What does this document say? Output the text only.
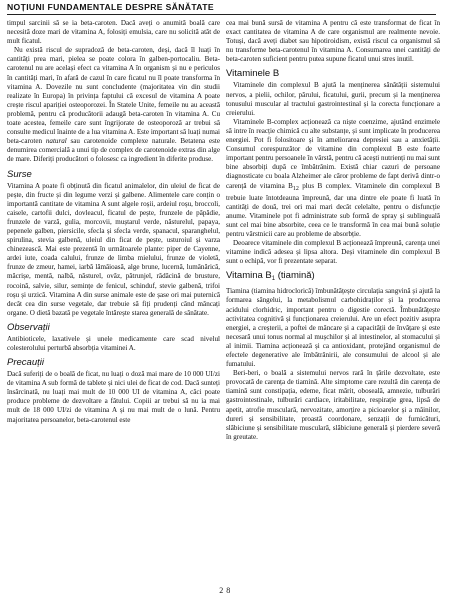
NOȚIUNI FUNDAMENTALE DESPRE SĂNĂTATE

timpul sarcinii să se ia beta-caroten. Dacă aveți o anumită boală care necesită doze mari de vitamina A, folosiți emulsia, care nu solicită atât de mult ficatul.

Nu există riscul de supradoză de beta-caroten, deși, dacă îl luați în cantități prea mari, pielea se poate colora în galben-portocaliu. Beta-carotenul nu are același efect ca vitamina A în organism și nu e periculos în cantități mari, în afară de cazul în care ficatul nu îl poate transforma în vitamina A. Dovezile nu sunt concludente (majoritatea vin din studii realizate în Europa) în privința faptului că excesul de vitamina A poate crește riscul apariției osteoporozei. În Statele Unite, femeile nu au această problemă, pentru că producătorii adaugă beta-caroten în vitamina A. Cu toate acestea, femeile care sunt îngrijorate de osteoporoză ar trebui să consulte medicul înainte de a lua vitamina A. Este important să luați numai beta-caroten natural sau carotenoide complexe naturale. Betatena este denumirea comercială a unui tip de complex de carotenoide extras din alge de mare. Diferiți producători o folosesc ca ingredient în diferite produse.

Surse

Vitamina A poate fi obținută din ficatul animalelor, din uleiul de ficat de pește, din fructe și din legume verzi și galbene. Alimentele care conțin o importantă cantitate de vitamina A sunt algele roșii, ardeiul roșu, broccoli, caisele, cartofii dulci, dovleacul, ficatul de pește, frunzele de păpădie, frunzele de varză, gulia, morcovii, muștarul verde, năsturelul, papaya, pepenele galben, piersicile, sfecla și sfecla verde, spanacul, sparanghelul, spirulina, stevia galbenă, uleiul din ficat de pește, usturoiul și varza chinezească. Mai este prezentă în următoarele plante: piper de Cayenne, ardei iute, coada calului, frunze de limba mielului, frunze de violetă, frunze de zmeur, hamei, iarbă lămâioasă, alge brune, lucernă, lumânărică, măcrișe, mentă, nalbă, năsturel, ovăz, pătrunjel, rădăcină de brusture, rocoină, salvie, silur, semințe de fenicul, schinduf, stevie galbenă, trifoi roșu și urzică. Vitamina A din surse animale este de șase ori mai puternică decât cea din surse vegetale, dar trebuie să fiți prudenți când mâncați organe. O dietă bazată pe vegetale întărește starea generală de sănătate.

Observații

Antibioticele, laxativele și unele medicamente care scad nivelul colesterolului perturbă absorbția vitaminei A.

Precauții

Dacă suferiți de o boală de ficat, nu luați o doză mai mare de 10 000 UI/zi de vitamina A sub formă de tablete și nici ulei de ficat de cod. Dacă sunteți însărcinată, nu luați mai mult de 10 000 UI de vitamina A, căci poate produce probleme de dezvoltare a fătului. Copiii ar trebui să nu ia mai mult de 18 000 UI/zi de vitamina A și nu mai mult de o lună. Pentru majoritatea persoanelor, beta-carotenul este

cea mai bună sursă de vitamina A pentru că este transformat de ficat în exact cantitatea de vitamina A de care organismul are realmente nevoie. Totuși, dacă aveți diabet sau hipotiroidism, există riscul ca organismul să nu transforme beta-carotenul în vitamina A. Consumarea unei cantități de beta-caroten suficient pentru putea supune ficatul unui stres inutil.

Vitaminele B

Vitaminele din complexul B ajută la menținerea sănătății sistemului nervos, a pielii, ochilor, părului, ficatului, gurii, precum și la menținerea tonusului muscular al tractului gastrointestinal și la corecta funcționare a creierului.

Vitaminele B-complex acționează ca niște coenzime, ajutând enzimele să intre în reacție chimică cu alte substanțe, și sunt implicate în producerea energiei. Pot fi folositoare și în ameliorarea depresiei sau a anxietății. Consumul corespunzător de vitamine din complexul B este foarte important pentru persoanele în vârstă, pentru că acești nutrienți nu mai sunt bine absorbiți după ce îmbătrânim. Există chiar cazuri de persoane diagnosticate cu boala Alzheimer ale căror probleme de fapt derivă dintr-o carență de vitamina $B_{12}$ plus B complex. Vitaminele din complexul B trebuie luate întotdeauna împreună, dar una dintre ele poate fi luată în cantități de două, trei ori mai mari decât celelalte, pentru o disfuncție anume. Vitaminele pot fi administrate sub formă de spray și sublinguală sunt cel mai bine absorbite, ceea ce le transformă în cea mai bună soluție pentru vârstnicii care au probleme de absorbție.

Deoarece vitaminele din complexul B acționează împreună, carența unei vitamine indică adesea și lipsa altora. Deși vitaminele din complexul B sunt o echipă, vor fi prezentate separat.

Vitamina $B_1$ (tiamină)

Tiamina (tiamina hidroclorică) îmbunătățește circulația sangvină și ajută la formarea sângelui, la metabolismul carbohidraților și la producerea acidului clorhidric, important pentru o digestie corectă. Îmbunătățește activitatea cognitivă și funcționarea creierului. Are un efect pozitiv asupra energiei, a creșterii, a poftei de mâncare și a capacității de învățare și este necesară unui tonus normal al mușchilor și al intestinelor, al stomacului și al inimii. Tiamina acționează și ca antioxidant, protejând organismul de efectele degenerative ale îmbătrânirii, ale consumului de alcool și ale fumatului.

Beri-beri, o boală a sistemului nervos rară în țările dezvoltate, este provocată de carența de tiamină. Alte simptome care rezultă din carența de tiamină sunt constipația, edeme, ficat mărit, oboseală, amnezie, tulburări gastrointestinale, tulburări cardiace, iritabilitate, respirație grea, lipsă de apetit, atrofie musculară, nervozitate, amorțire a picioarelor și a mâinilor, dureri și sensibilitate, proastă coordonare, senzații de furnicături, slăbiciune și sensibilitate musculară, slăbiciune generală și pierdere severă în greutate.

2 8
